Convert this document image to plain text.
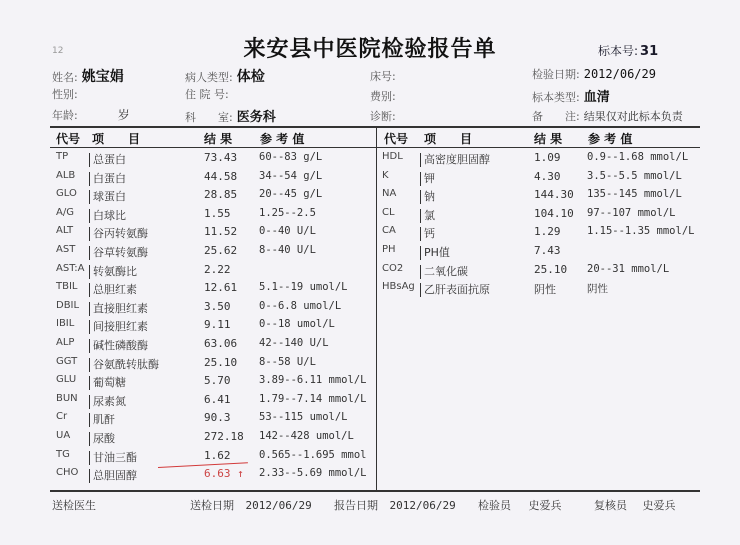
12	来安县中医院检验报告单	标本号: 31
姓名: 姚宝娟	病人类型: 体检	床号:	检验日期: 2012/06/29
性别:	住 院 号:	费别:	标本类型: 血清
年龄:	岁	科　　室: 医务科	诊断:	备　　注: 结果仅对此标本负责
代号 项　　目	结 果 参 考 值	代号 项　　目	结 果 参 考 值
TP 总蛋白	73.43 60--83 g/L
ALB 白蛋白	44.58 34--54 g/L
GLO 球蛋白	28.85 20--45 g/L
A/G 白球比	1.55	1.25--2.5
ALT 谷丙转氨酶	11.52 0--40 U/L
AST 谷草转氨酶	25.62 8--40 U/L
AST:A 转氨酶比	2.22
TBIL 总胆红素	12.61 5.1--19 umol/L
DBIL 直接胆红素	3.50	0--6.8 umol/L
IBIL 间接胆红素	9.11	0--18 umol/L
ALP 碱性磷酸酶	63.06 42--140 U/L
GGT 谷氨酰转肽酶	25.10 8--58 U/L
GLU 葡萄糖	5.70	3.89--6.11 mmol/L
BUN 尿素氮	6.41	1.79--7.14 mmol/L
Cr 肌酐	90.3	53--115 umol/L
UA 尿酸	272.18 142--428 umol/L
TG 甘油三酯	1.62	0.565--1.695 mmol
CHO 总胆固醇	6.63 ↑ 2.33--5.69 mmol/L
HDL 高密度胆固醇	1.09	0.9--1.68 mmol/L
K	钾	4.30	3.5--5.5 mmol/L
NA	钠	144.30 135--145 mmol/L
CL	氯	104.10 97--107 mmol/L
CA	钙	1.29	1.15--1.35 mmol/L
PH	PH值	7.43
CO2 二氧化碳	25.10 20--31 mmol/L
HBsAg 乙肝表面抗原	阴性	阴性
送检医生	送检日期 2012/06/29 报告日期 2012/06/29 检验员 史爱兵	复核员 史爱兵
